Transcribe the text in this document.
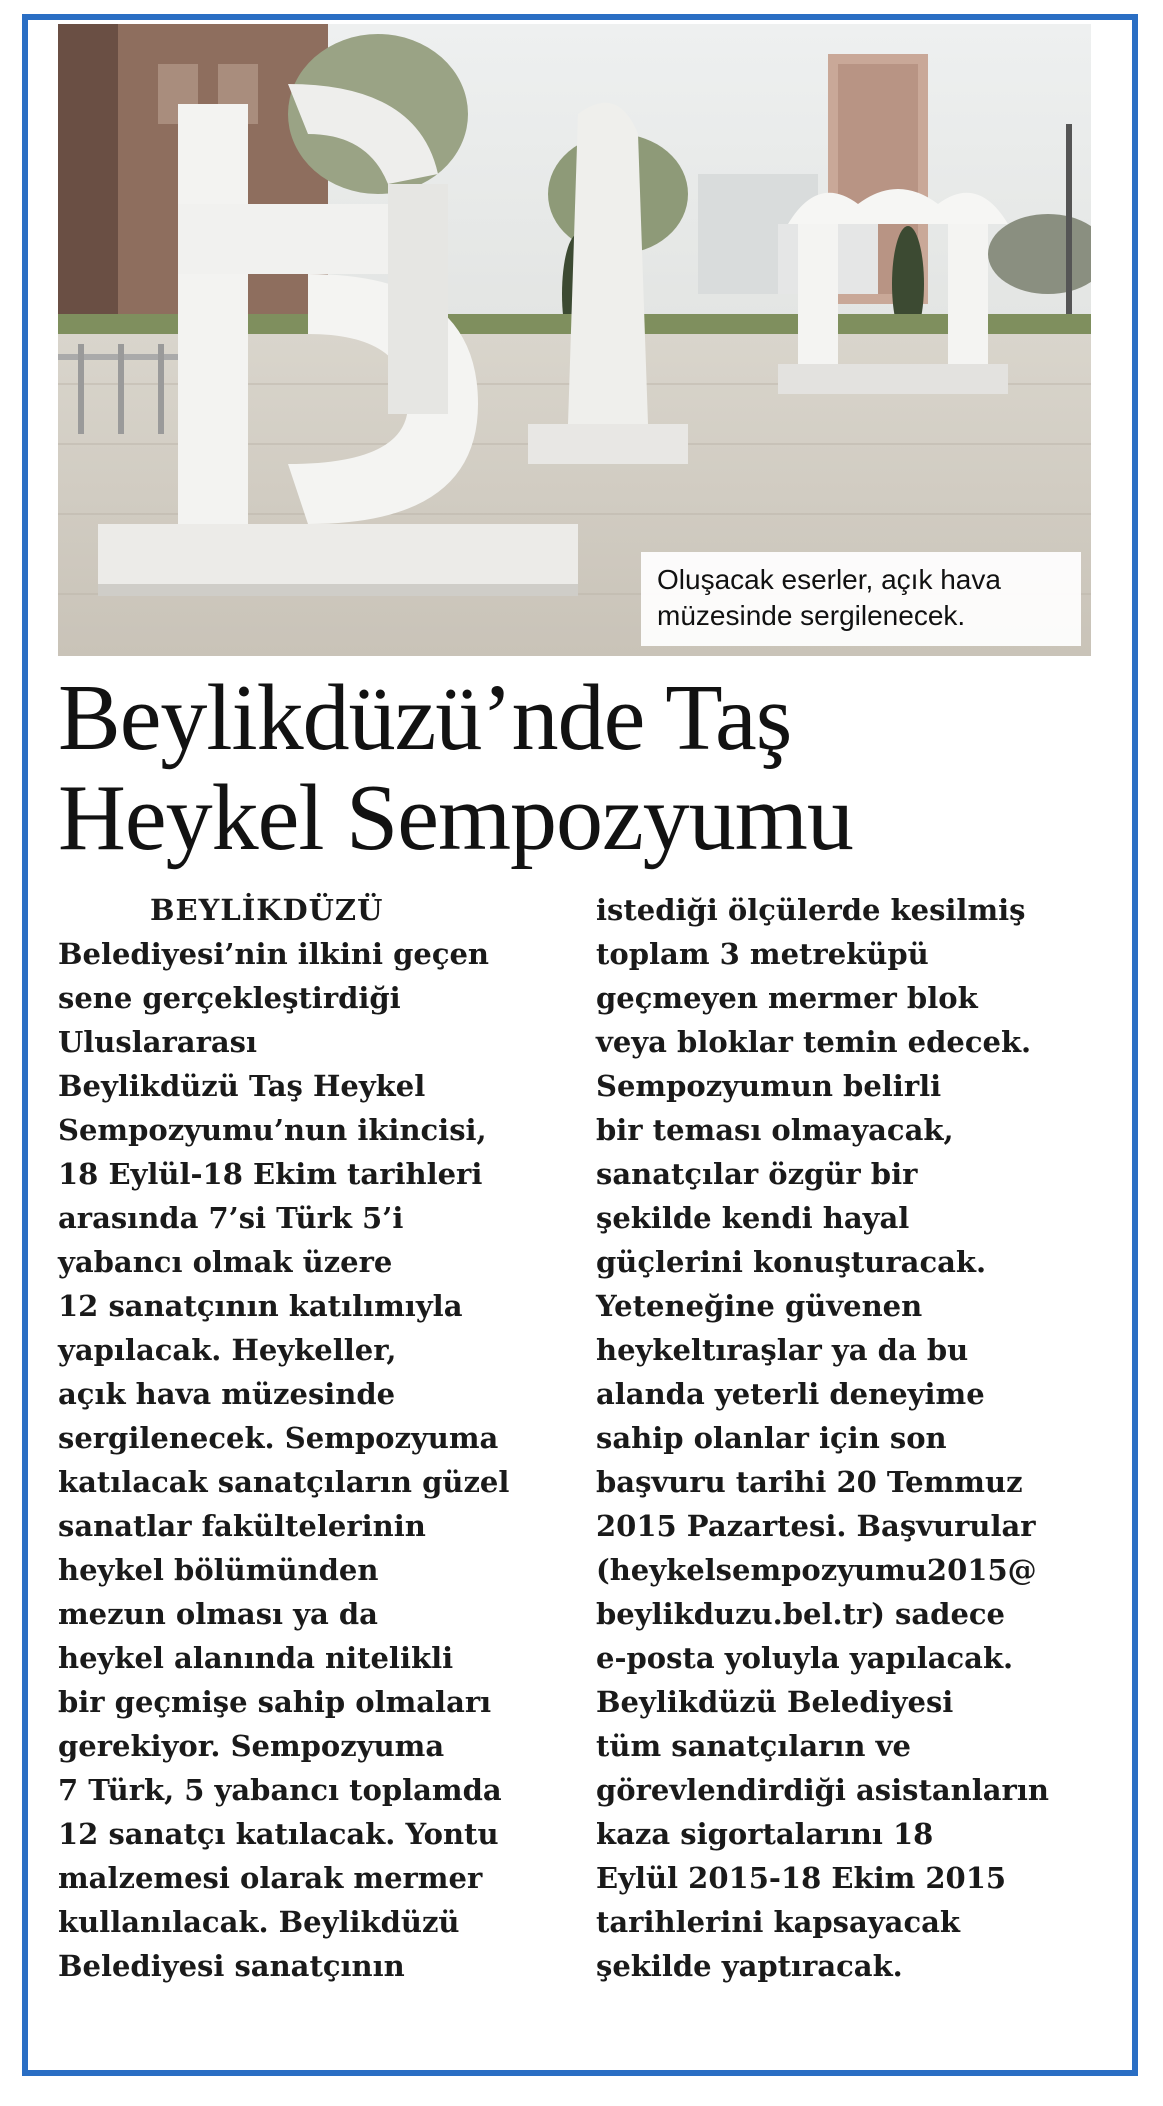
Oluşacak eserler, açık hava
müzesinde sergilenecek.
Beylikdüzü’nde Taş
Heykel Sempozyumu
BEYLİKDÜZÜ
Belediyesi’nin ilkini geçen
sene gerçekleştirdiği
Uluslararası
Beylikdüzü Taş Heykel
Sempozyumu’nun ikincisi,
18 Eylül-18 Ekim tarihleri
arasında 7’si Türk 5’i
yabancı olmak üzere
12 sanatçının katılımıyla
yapılacak. Heykeller,
açık hava müzesinde
sergilenecek. Sempozyuma
katılacak sanatçıların güzel
sanatlar fakültelerinin
heykel bölümünden
mezun olması ya da
heykel alanında nitelikli
bir geçmişe sahip olmaları
gerekiyor. Sempozyuma
7 Türk, 5 yabancı toplamda
12 sanatçı katılacak. Yontu
malzemesi olarak mermer
kullanılacak. Beylikdüzü
Belediyesi sanatçının
istediği ölçülerde kesilmiş
toplam 3 metreküpü
geçmeyen mermer blok
veya bloklar temin edecek.
Sempozyumun belirli
bir teması olmayacak,
sanatçılar özgür bir
şekilde kendi hayal
güçlerini konuşturacak.
Yeteneğine güvenen
heykeltıraşlar ya da bu
alanda yeterli deneyime
sahip olanlar için son
başvuru tarihi 20 Temmuz
2015 Pazartesi. Başvurular
(heykelsempozyumu2015@
beylikduzu.bel.tr) sadece
e-posta yoluyla yapılacak.
Beylikdüzü Belediyesi
tüm sanatçıların ve
görevlendirdiği asistanların
kaza sigortalarını 18
Eylül 2015-18 Ekim 2015
tarihlerini kapsayacak
şekilde yaptıracak.
